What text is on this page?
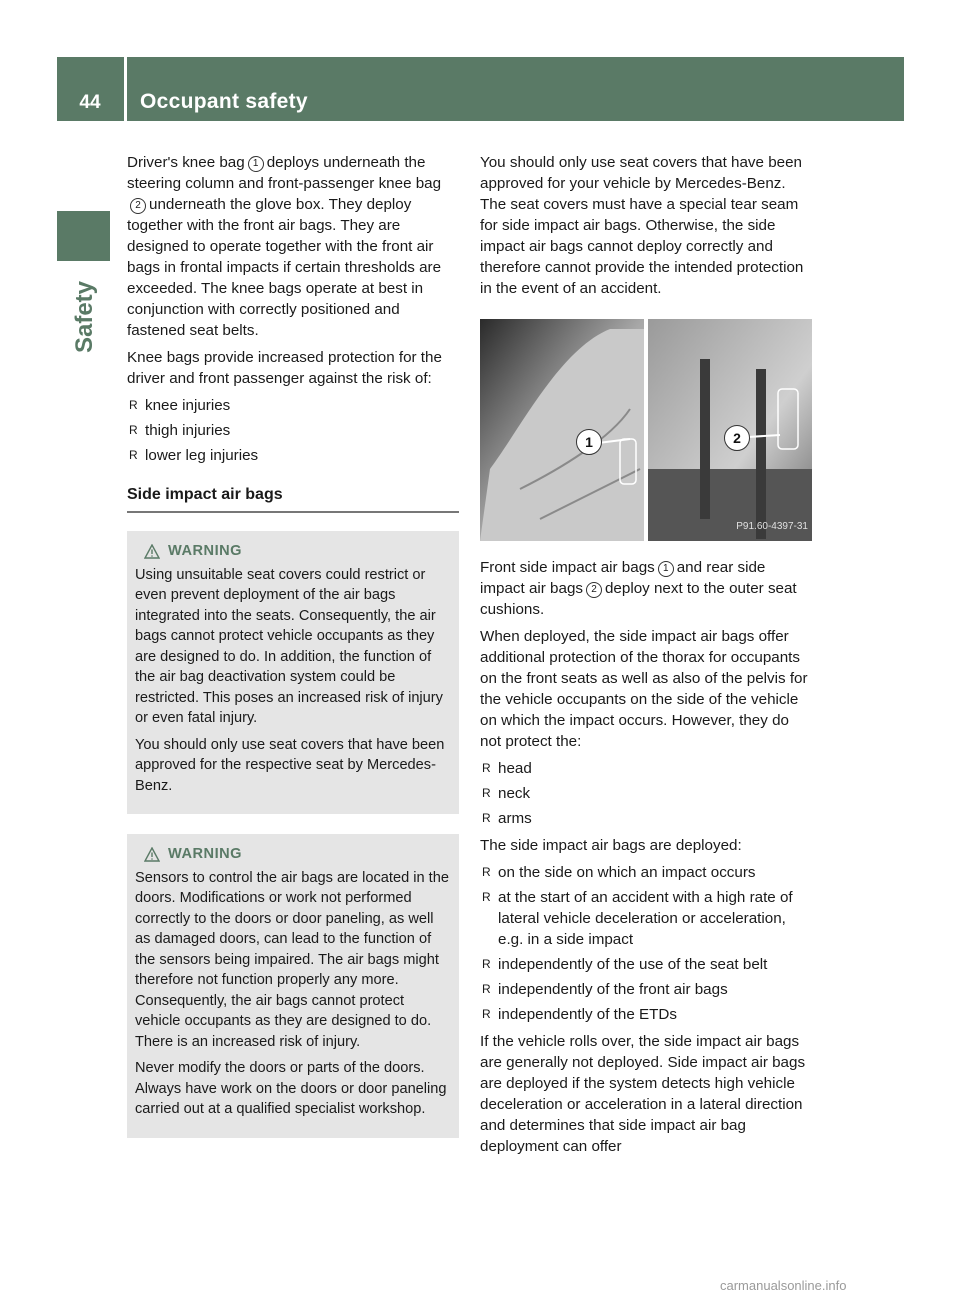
44	Occupant safety
Safety

Driver's knee bag 1 deploys underneath the steering column and front-passenger knee bag2 underneath the glove box. They deploy together with the front air bags. They are designed to operate together with the front air bags in frontal impacts if certain thresholds are exceeded. The knee bags operate at best in conjunction with correctly positioned and fastened seat belts.

Knee bags provide increased protection for the driver and front passenger against the risk of:

R knee injuries
R thigh injuries
R lower leg injuries
Side impact air bags
WARNING

Using unsuitable seat covers could restrict or even prevent deployment of the air bags integrated into the seats. Consequently, the air bags cannot protect vehicle occupants as they are designed to do. In addition, the function of the air bag deactivation system could be restricted. This poses an increased risk of injury or even fatal injury.

You should only use seat covers that have been approved for the respective seat by Mercedes-Benz.

WARNING

Sensors to control the air bags are located in the doors. Modifications or work not performed correctly to the doors or door paneling, as well as damaged doors, can lead to the function of the sensors being impaired. The air bags might therefore not function properly any more. Consequently, the air bags cannot protect vehicle occupants as they are designed to do. There is an increased risk of injury.

Never modify the doors or parts of the doors. Always have work on the doors or door paneling carried out at a qualified specialist workshop.

You should only use seat covers that have been approved for your vehicle by Mercedes-Benz. The seat covers must have a special tear seam for side impact air bags. Otherwise, the side impact air bags cannot deploy correctly and therefore cannot provide the intended protection in the event of an accident.

1	2
P91.60-4397-31

Front side impact air bags 1 and rear side impact air bags 2 deploy next to the outer seat cushions.

When deployed, the side impact air bags offer additional protection of the thorax for occupants on the front seats as well as also of the pelvis for the vehicle occupants on the side of the vehicle on which the impact occurs. However, they do not protect the:

R head
R neck
R arms

The side impact air bags are deployed:

R on the side on which an impact occurs
R at the start of an accident with a high rate of lateral vehicle deceleration or acceleration, e.g. in a side impact
R independently of the use of the seat belt
R independently of the front air bags
R independently of the ETDs

If the vehicle rolls over, the side impact air bags are generally not deployed. Side impact air bags are deployed if the system detects high vehicle deceleration or acceleration in a lateral direction and determines that side impact air bag deployment can offer

carmanualsonline.info
